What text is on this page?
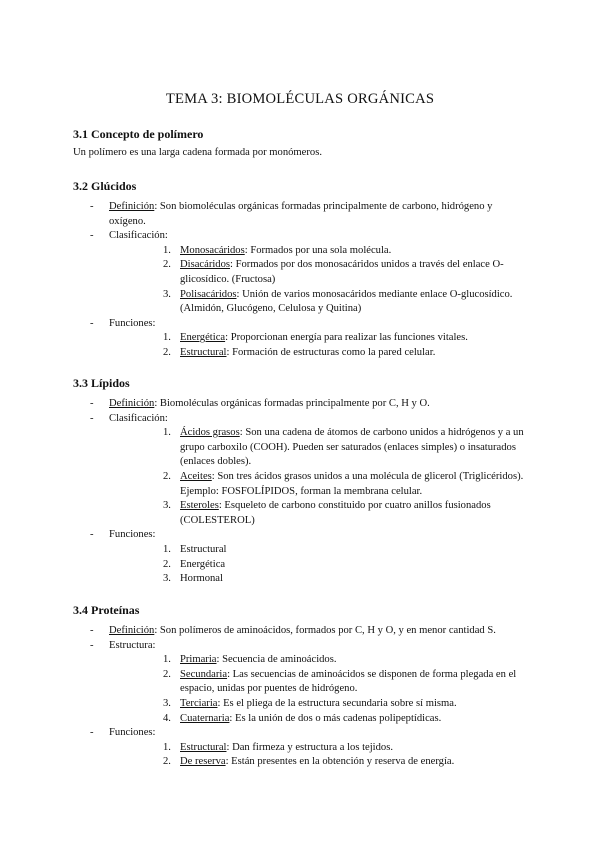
TEMA 3: BIOMOLÉCULAS ORGÁNICAS
3.1 Concepto de polímero

Un polímero es una larga cadena formada por monómeros.

3.2 Glúcidos
- Definición: Son biomoléculas orgánicas formadas principalmente de carbono, hidrógeno y oxígeno.
- Clasificación:
1. Monosacáridos: Formados por una sola molécula.
2. Disacáridos: Formados por dos monosacáridos unidos a través del enlace O-glicosídico. (Fructosa)
3. Polisacáridos: Unión de varios monosacáridos mediante enlace O-glucosídico. (Almidón, Glucógeno, Celulosa y Quitina)
- Funciones:
1. Energética: Proporcionan energía para realizar las funciones vitales.
2. Estructural: Formación de estructuras como la pared celular.
3.3 Lípidos
- Definición: Biomoléculas orgánicas formadas principalmente por C, H y O.
- Clasificación:
1. Ácidos grasos: Son una cadena de átomos de carbono unidos a hidrógenos y a un grupo carboxilo (COOH). Pueden ser saturados (enlaces simples) o insaturados (enlaces dobles).
2. Aceites: Son tres ácidos grasos unidos a una molécula de glicerol (Triglicéridos). Ejemplo: FOSFOLÍPIDOS, forman la membrana celular.
3. Esteroles: Esqueleto de carbono constituido por cuatro anillos fusionados (COLESTEROL)
- Funciones:
1. Estructural
2. Energética
3. Hormonal
3.4 Proteínas
- Definición: Son polímeros de aminoácidos, formados por C, H y O, y en menor cantidad S.
- Estructura:
1. Primaria: Secuencia de aminoácidos.
2. Secundaria: Las secuencias de aminoácidos se disponen de forma plegada en el espacio, unidas por puentes de hidrógeno.
3. Terciaria: Es el pliega de la estructura secundaria sobre sí misma.
4. Cuaternaria: Es la unión de dos o más cadenas polipeptídicas.
- Funciones:
1. Estructural: Dan firmeza y estructura a los tejidos.
2. De reserva: Están presentes en la obtención y reserva de energía.
